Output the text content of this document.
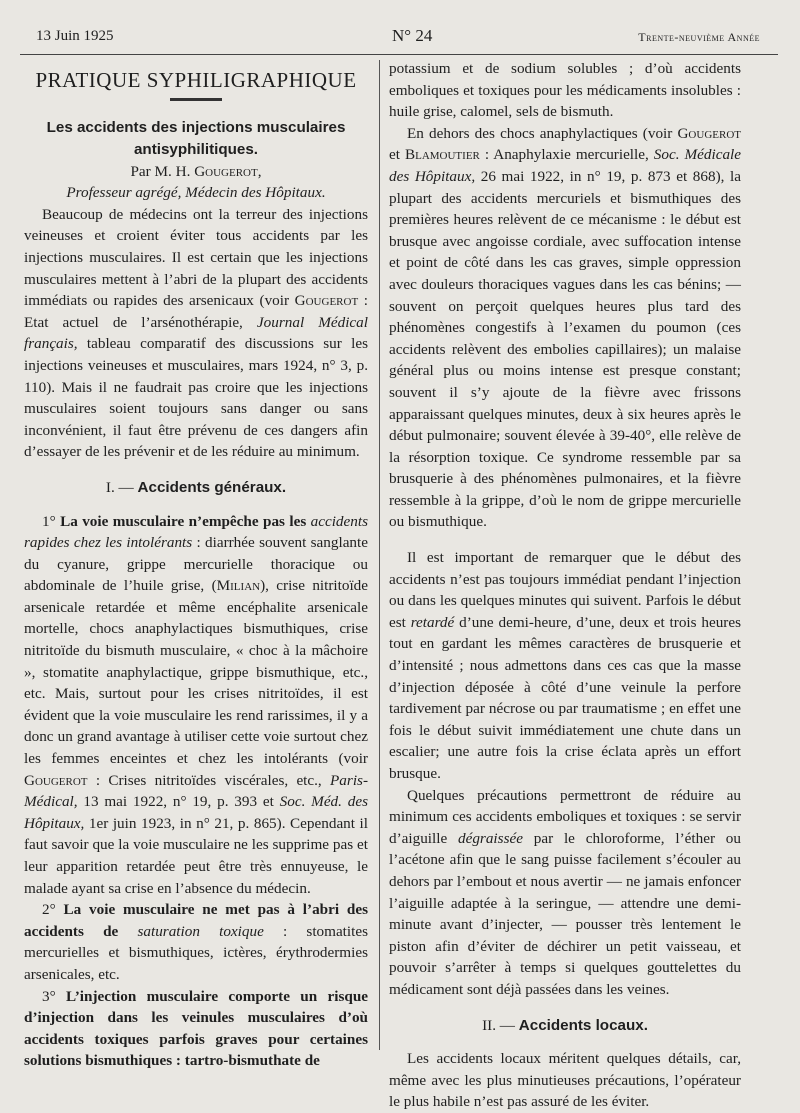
13 Juin 1925	N° 24	Trente-neuvième Année
PRATIQUE SYPHILIGRAPHIQUE

Les accidents des injections musculaires antisyphilitiques.

Par M. H. Gougerot,

Professeur agrégé, Médecin des Hôpitaux.

Beaucoup de médecins ont la terreur des injections veineuses et croient éviter tous accidents par les injections musculaires. Il est certain que les injections musculaires mettent à l’abri de la plupart des accidents immédiats ou rapides des arsenicaux (voir Gougerot : Etat actuel de l’arsénothérapie, Journal Médical français, tableau comparatif des discussions sur les injections veineuses et musculaires, mars 1924, n° 3, p. 110). Mais il ne faudrait pas croire que les injections musculaires soient toujours sans danger ou sans inconvénient, il faut être prévenu de ces dangers afin d’essayer de les prévenir et de les réduire au minimum.

I. — Accidents généraux.

1° La voie musculaire n’empêche pas les accidents rapides chez les intolérants : diarrhée souvent sanglante du cyanure, grippe mercurielle thoracique ou abdominale de l’huile grise, (Milian), crise nitritoïde arsenicale retardée et même encéphalite arsenicale mortelle, chocs anaphylactiques bismuthiques, crise nitritoïde du bismuth musculaire, « choc à la mâchoire », stomatite anaphylactique, grippe bismuthique, etc., etc. Mais, surtout pour les crises nitritoïdes, il est évident que la voie musculaire les rend rarissimes, il y a donc un grand avantage à utiliser cette voie surtout chez les femmes enceintes et chez les intolérants (voir Gougerot : Crises nitritoïdes viscérales, etc., Paris-Médical, 13 mai 1922, n° 19, p. 393 et Soc. Méd. des Hôpitaux, 1er juin 1923, in n° 21, p. 865). Cependant il faut savoir que la voie musculaire ne les supprime pas et leur apparition retardée peut être très ennuyeuse, le malade ayant sa crise en l’absence du médecin.

2° La voie musculaire ne met pas à l’abri des accidents de saturation toxique : stomatites mercurielles et bismuthiques, ictères, érythrodermies arsenicales, etc.

3° L’injection musculaire comporte un risque d’injection dans les veinules musculaires d’où accidents toxiques parfois graves pour certaines solutions bismuthiques : tartro-bismuthate de

potassium et de sodium solubles ; d’où accidents emboliques et toxiques pour les médicaments insolubles : huile grise, calomel, sels de bismuth.

En dehors des chocs anaphylactiques (voir Gougerot et Blamoutier : Anaphylaxie mercurielle, Soc. Médicale des Hôpitaux, 26 mai 1922, in n° 19, p. 873 et 868), la plupart des accidents mercuriels et bismuthiques des premières heures relèvent de ce mécanisme : le début est brusque avec angoisse cordiale, avec suffocation intense et point de côté dans les cas graves, simple oppression avec douleurs thoraciques vagues dans les cas bénins; — souvent on perçoit quelques heures plus tard des phénomènes congestifs à l’examen du poumon (ces accidents relèvent des embolies capillaires); un malaise général plus ou moins intense est presque constant; souvent il s’y ajoute de la fièvre avec frissons apparaissant quelques minutes, deux à six heures après le début pulmonaire; souvent élevée à 39-40°, elle relève de la résorption toxique. Ce syndrome ressemble par sa brusquerie à des phénomènes pulmonaires, et la fièvre ressemble à la grippe, d’où le nom de grippe mercurielle ou bismuthique.

Il est important de remarquer que le début des accidents n’est pas toujours immédiat pendant l’injection ou dans les quelques minutes qui suivent. Parfois le début est retardé d’une demi-heure, d’une, deux et trois heures tout en gardant les mêmes caractères de brusquerie et d’intensité ; nous admettons dans ces cas que la masse d’injection déposée à côté d’une veinule la perfore tardivement par nécrose ou par traumatisme ; en effet une fois le début suivit immédiatement une chute dans un escalier; une autre fois la crise éclata après un effort brusque.

Quelques précautions permettront de réduire au minimum ces accidents emboliques et toxiques : se servir d’aiguille dégraissée par le chloroforme, l’éther ou l’acétone afin que le sang puisse facilement s’écouler au dehors par l’embout et nous avertir — ne jamais enfoncer l’aiguille adaptée à la seringue, — attendre une demi-minute avant d’injecter, — pousser très lentement le piston afin d’éviter de déchirer un petit vaisseau, et pouvoir s’arrêter à temps si quelques gouttelettes du médicament sont déjà passées dans les veines.

II. — Accidents locaux.

Les accidents locaux méritent quelques détails, car, même avec les plus minutieuses précautions, l’opérateur le plus habile n’est pas assuré de les éviter.
